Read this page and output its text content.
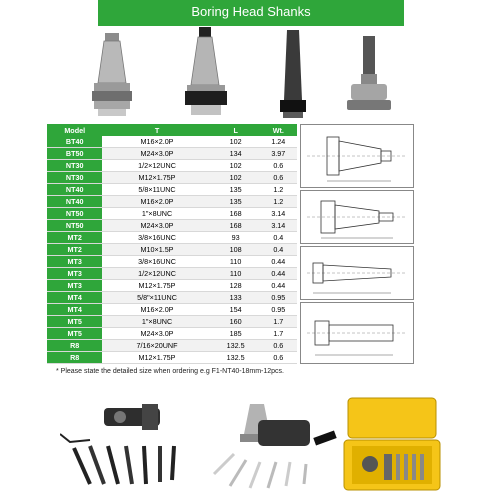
Boring Head Shanks
Model	T	L	Wt.
BT40	M16×2.0P	102	1.24
BT50	M24×3.0P	134	3.97
NT30	1/2×12UNC	102	0.6
NT30	M12×1.75P	102	0.6
NT40	5/8×11UNC	135	1.2
NT40	M16×2.0P	135	1.2
NT50	1"×8UNC	168	3.14
NT50	M24×3.0P	168	3.14
MT2	3/8×16UNC	93	0.4
MT2	M10×1.5P	108	0.4
MT3	3/8×16UNC	110	0.44
MT3	1/2×12UNC	110	0.44
MT3	M12×1.75P	128	0.44
MT4	5/8"×11UNC	133	0.95
MT4	M16×2.0P	154	0.95
MT5	1"×8UNC	160	1.7
MT5	M24×3.0P	185	1.7
R8	7/16×20UNF	132.5	0.6
R8	M12×1.75P	132.5	0.6
* Please state the detailed size when ordering e.g F1-NT40-18mm-12pcs.
